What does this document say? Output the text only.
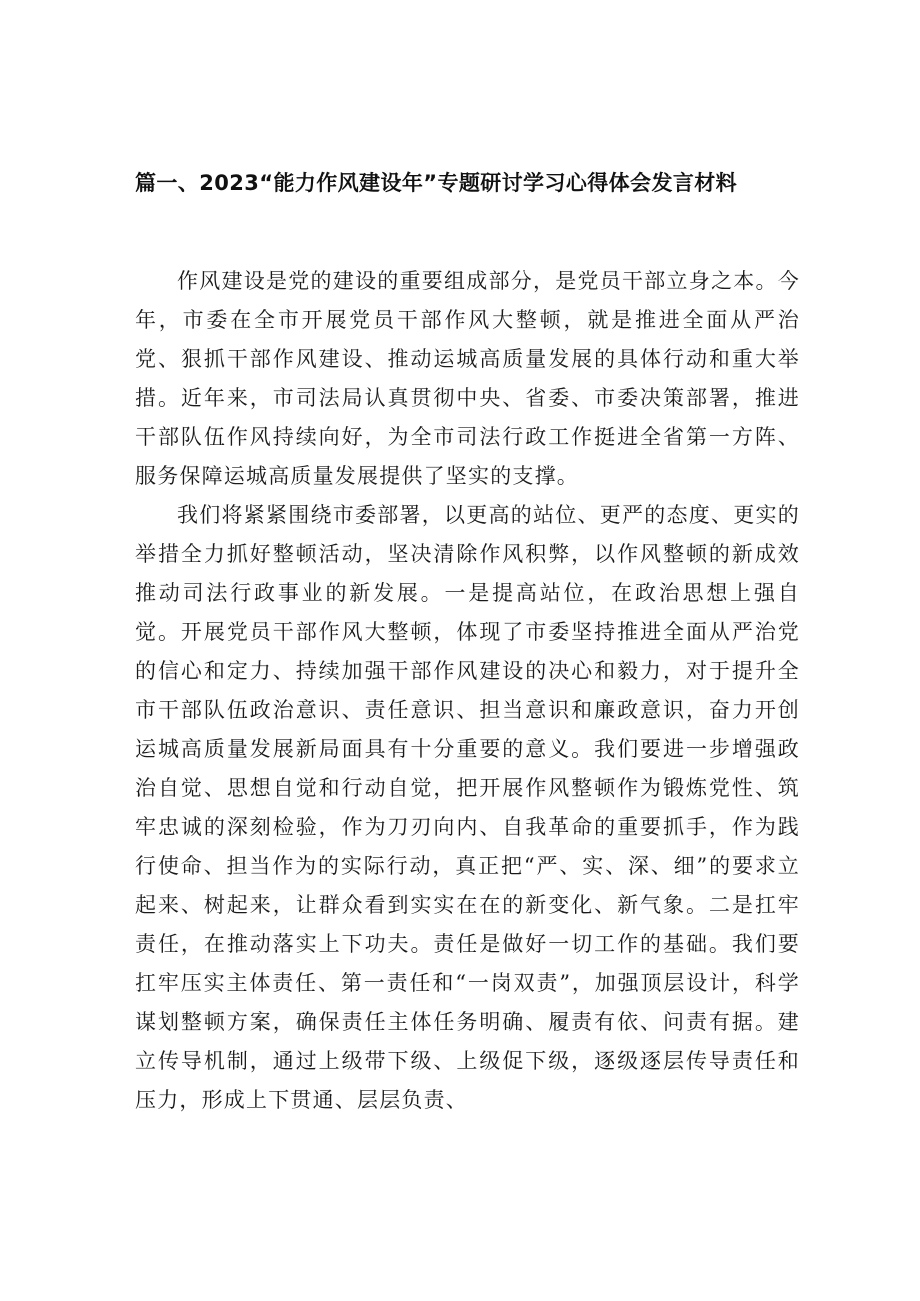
篇一、2023“能力作风建设年”专题研讨学习心得体会发言材料

作风建设是党的建设的重要组成部分，是党员干部立身之本。今年，市委在全市开展党员干部作风大整顿，就是推进全面从严治党、狠抓干部作风建设、推动运城高质量发展的具体行动和重大举措。近年来，市司法局认真贯彻中央、省委、市委决策部署，推进干部队伍作风持续向好，为全市司法行政工作挺进全省第一方阵、服务保障运城高质量发展提供了坚实的支撑。

我们将紧紧围绕市委部署，以更高的站位、更严的态度、更实的举措全力抓好整顿活动，坚决清除作风积弊，以作风整顿的新成效推动司法行政事业的新发展。一是提高站位，在政治思想上强自觉。开展党员干部作风大整顿，体现了市委坚持推进全面从严治党的信心和定力、持续加强干部作风建设的决心和毅力，对于提升全市干部队伍政治意识、责任意识、担当意识和廉政意识，奋力开创运城高质量发展新局面具有十分重要的意义。我们要进一步增强政治自觉、思想自觉和行动自觉，把开展作风整顿作为锻炼党性、筑牢忠诚的深刻检验，作为刀刃向内、自我革命的重要抓手，作为践行使命、担当作为的实际行动，真正把“严、实、深、细”的要求立起来、树起来，让群众看到实实在在的新变化、新气象。二是扛牢责任，在推动落实上下功夫。责任是做好一切工作的基础。我们要扛牢压实主体责任、第一责任和“一岗双责”，加强顶层设计，科学谋划整顿方案，确保责任主体任务明确、履责有依、问责有据。建立传导机制，通过上级带下级、上级促下级，逐级逐层传导责任和压力，形成上下贯通、层层负责、
